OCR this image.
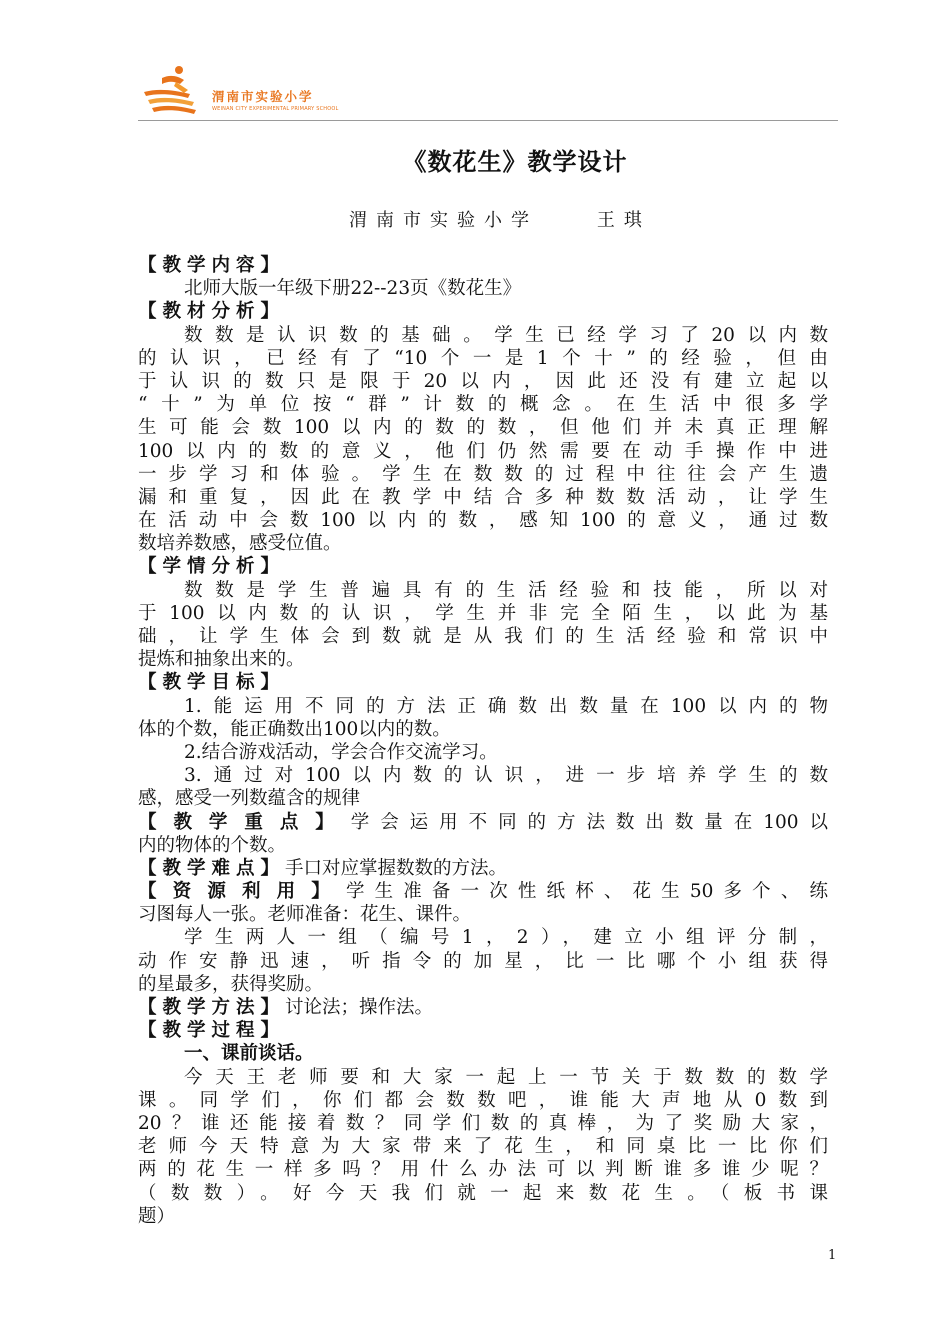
渭南市实验小学
WEINAN CITY EXPERIMENTAL PRIMARY SCHOOL
《数花生》教学设计
渭南市实验小学    王琪
【教学内容】
北师大版一年级下册22--23页《数花生》
【教材分析】
数数是认识数的基础。学生已经学习了20以内数
的认识，已经有了“10个一是1个十”的经验，但由
于认识的数只是限于20以内，因此还没有建立起以
“十”为单位按“群”计数的概念。在生活中很多学
生可能会数100以内的数的数，但他们并未真正理解
100以内的数的意义，他们仍然需要在动手操作中进
一步学习和体验。学生在数数的过程中往往会产生遗
漏和重复，因此在教学中结合多种数数活动，让学生
在活动中会数100以内的数，感知100的意义，通过数
数培养数感，感受位值。
【学情分析】
数数是学生普遍具有的生活经验和技能，所以对
于100以内数的认识，学生并非完全陌生，以此为基
础，让学生体会到数就是从我们的生活经验和常识中
提炼和抽象出来的。
【教学目标】
1.能运用不同的方法正确数出数量在100以内的物
体的个数，能正确数出100以内的数。
2.结合游戏活动，学会合作交流学习。
3.通过对100以内数的认识，进一步培养学生的数
感，感受一列数蕴含的规律
【教学重点】学会运用不同的方法数出数量在100以
内的物体的个数。
【教学难点】手口对应掌握数数的方法。
【资源利用】学生准备一次性纸杯、花生50多个、练
习图每人一张。老师准备：花生、课件。
学生两人一组（编号1，2），建立小组评分制，
动作安静迅速，听指令的加星，比一比哪个小组获得
的星最多，获得奖励。
【教学方法】讨论法；操作法。
【教学过程】
一、课前谈话。
今天王老师要和大家一起上一节关于数数的数学
课。同学们，你们都会数数吧，谁能大声地从0数到
20？谁还能接着数？同学们数的真棒，为了奖励大家，
老师今天特意为大家带来了花生，和同桌比一比你们
两的花生一样多吗？用什么办法可以判断谁多谁少呢？
（数数）。好今天我们就一起来数花生。（板书课
题）
1
